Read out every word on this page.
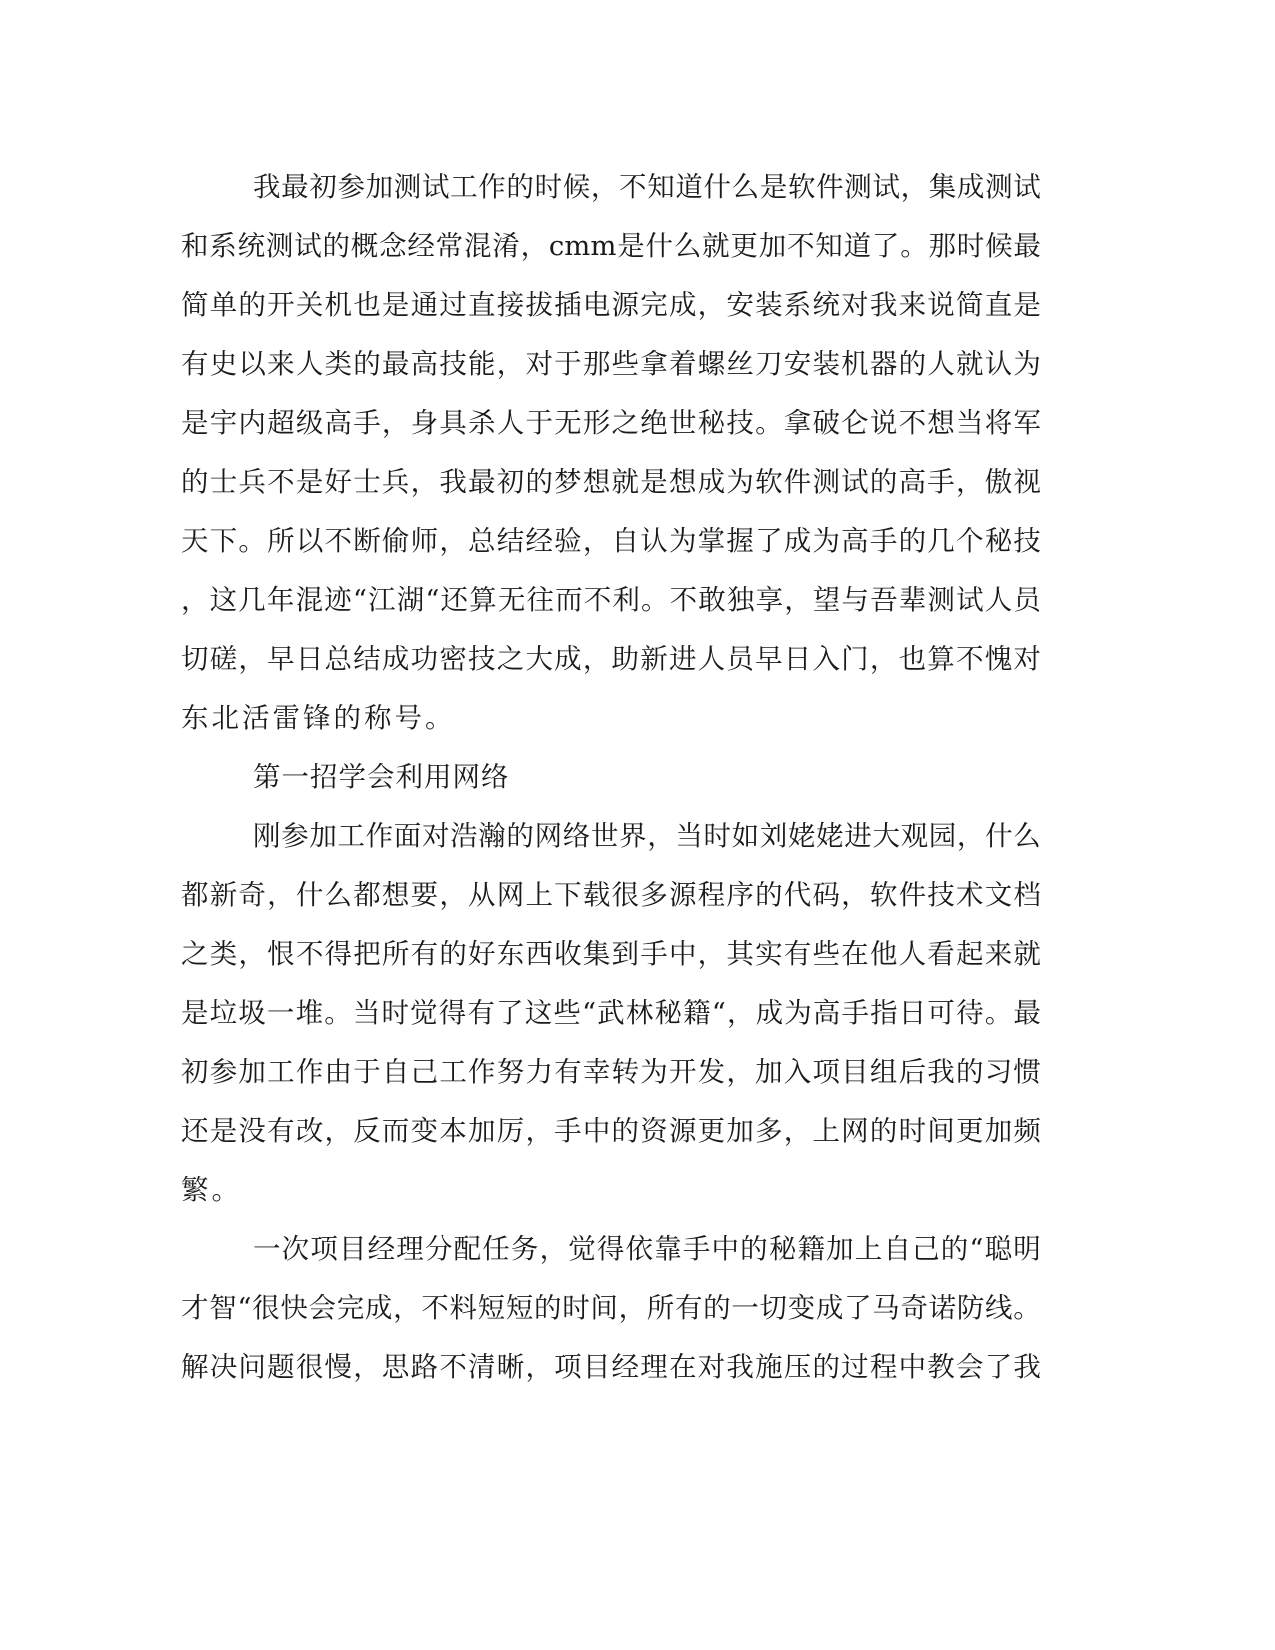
我 最 初 参 加 测 试 工 作 的 时 候 ， 不 知 道 什 么 是 软 件 测 试 ， 集 成 测 试
和 系 统 测 试 的 概 念 经 常 混 淆 ， cmm 是 什 么 就 更 加 不 知 道 了 。 那 时 候 最
简 单 的 开 关 机 也 是 通 过 直 接 拔 插 电 源 完 成 ， 安 装 系 统 对 我 来 说 简 直 是
有 史 以 来 人 类 的 最 高 技 能 ， 对 于 那 些 拿 着 螺 丝 刀 安 装 机 器 的 人 就 认 为
是 宇 内 超 级 高 手 ， 身 具 杀 人 于 无 形 之 绝 世 秘 技 。 拿 破 仑 说 不 想 当 将 军
的 士 兵 不 是 好 士 兵 ， 我 最 初 的 梦 想 就 是 想 成 为 软 件 测 试 的 高 手 ， 傲 视
天 下 。 所 以 不 断 偷 师 ， 总 结 经 验 ， 自 认 为 掌 握 了 成 为 高 手 的 几 个 秘 技
， 这 几 年 混 迹 “ 江 湖 “ 还 算 无 往 而 不 利 。 不 敢 独 享 ， 望 与 吾 辈 测 试 人 员
切 磋 ， 早 日 总 结 成 功 密 技 之 大 成 ， 助 新 进 人 员 早 日 入 门 ， 也 算 不 愧 对
东 北 活 雷 锋 的 称 号 。
第一招学会利用网络
刚 参 加 工 作 面 对 浩 瀚 的 网 络 世 界 ， 当 时 如 刘 姥 姥 进 大 观 园 ， 什 么
都 新 奇 ， 什 么 都 想 要 ， 从 网 上 下 载 很 多 源 程 序 的 代 码 ， 软 件 技 术 文 档
之 类 ， 恨 不 得 把 所 有 的 好 东 西 收 集 到 手 中 ， 其 实 有 些 在 他 人 看 起 来 就
是 垃 圾 一 堆 。 当 时 觉 得 有 了 这 些 “ 武 林 秘 籍 “ ， 成 为 高 手 指 日 可 待 。 最
初 参 加 工 作 由 于 自 己 工 作 努 力 有 幸 转 为 开 发 ， 加 入 项 目 组 后 我 的 习 惯
还 是 没 有 改 ， 反 而 变 本 加 厉 ， 手 中 的 资 源 更 加 多 ， 上 网 的 时 间 更 加 频
繁 。
一 次 项 目 经 理 分 配 任 务 ， 觉 得 依 靠 手 中 的 秘 籍 加 上 自 己 的 “ 聪 明
才 智 “ 很 快 会 完 成 ， 不 料 短 短 的 时 间 ， 所 有 的 一 切 变 成 了 马 奇 诺 防 线 。
解 决 问 题 很 慢 ， 思 路 不 清 晰 ， 项 目 经 理 在 对 我 施 压 的 过 程 中 教 会 了 我
